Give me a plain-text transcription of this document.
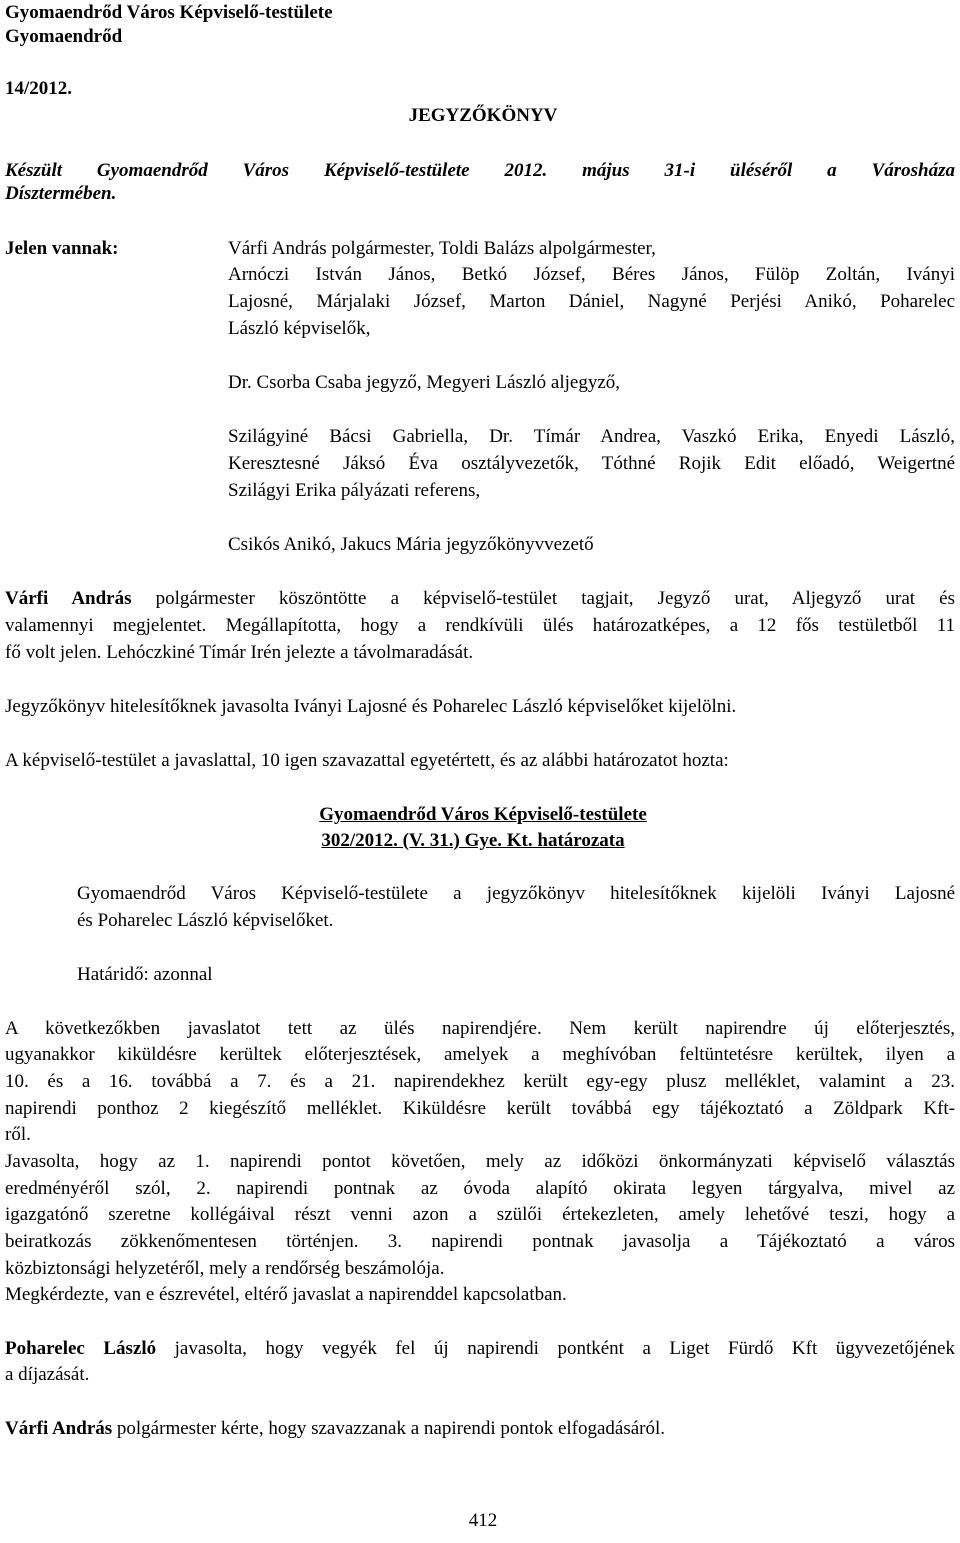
Gyomaendrőd Város Képviselő-testülete
Gyomaendrőd
14/2012.
JEGYZŐKÖNYV
Készült Gyomaendrőd Város Képviselő-testülete 2012. május 31-i üléséről a Városháza
Dísztermében.
Jelen vannak:	Várfi András polgármester, Toldi Balázs alpolgármester,
Arnóczi István János, Betkó József, Béres János, Fülöp Zoltán, Iványi
Lajosné, Márjalaki József, Marton Dániel, Nagyné Perjési Anikó, Poharelec
László képviselők,
Dr. Csorba Csaba jegyző, Megyeri László aljegyző,
Szilágyiné Bácsi Gabriella, Dr. Tímár Andrea, Vaszkó Erika, Enyedi László,
Keresztesné Jáksó Éva osztályvezetők, Tóthné Rojik Edit előadó, Weigertné
Szilágyi Erika pályázati referens,
Csikós Anikó, Jakucs Mária jegyzőkönyvvezető
Várfi András polgármester köszöntötte a képviselő-testület tagjait, Jegyző urat, Aljegyző urat és
valamennyi megjelentet. Megállapította, hogy a rendkívüli ülés határozatképes, a 12 fős testületből 11
fő volt jelen. Lehóczkiné Tímár Irén jelezte a távolmaradását.
Jegyzőkönyv hitelesítőknek javasolta Iványi Lajosné és Poharelec László képviselőket kijelölni.
A képviselő-testület a javaslattal, 10 igen szavazattal egyetértett, és az alábbi határozatot hozta:
Gyomaendrőd Város Képviselő-testülete
302/2012. (V. 31.) Gye. Kt. határozata
Gyomaendrőd Város Képviselő-testülete a jegyzőkönyv hitelesítőknek kijelöli Iványi Lajosné
és Poharelec László képviselőket.
Határidő: azonnal
A következőkben javaslatot tett az ülés napirendjére. Nem került napirendre új előterjesztés,
ugyanakkor kiküldésre kerültek előterjesztések, amelyek a meghívóban feltüntetésre kerültek, ilyen a
10. és a 16. továbbá a 7. és a 21. napirendekhez került egy-egy plusz melléklet, valamint a 23.
napirendi ponthoz 2 kiegészítő melléklet. Kiküldésre került továbbá egy tájékoztató a Zöldpark Kft-
ről.
Javasolta, hogy az 1. napirendi pontot követően, mely az időközi önkormányzati képviselő választás
eredményéről szól, 2. napirendi pontnak az óvoda alapító okirata legyen tárgyalva, mivel az
igazgatónő szeretne kollégáival részt venni azon a szülői értekezleten, amely lehetővé teszi, hogy a
beiratkozás zökkenőmentesen történjen. 3. napirendi pontnak javasolja a Tájékoztató a város
közbiztonsági helyzetéről, mely a rendőrség beszámolója.
Megkérdezte, van e észrevétel, eltérő javaslat a napirenddel kapcsolatban.
Poharelec László javasolta, hogy vegyék fel új napirendi pontként a Liget Fürdő Kft ügyvezetőjének
a díjazását.
Várfi András polgármester kérte, hogy szavazzanak a napirendi pontok elfogadásáról.
412
